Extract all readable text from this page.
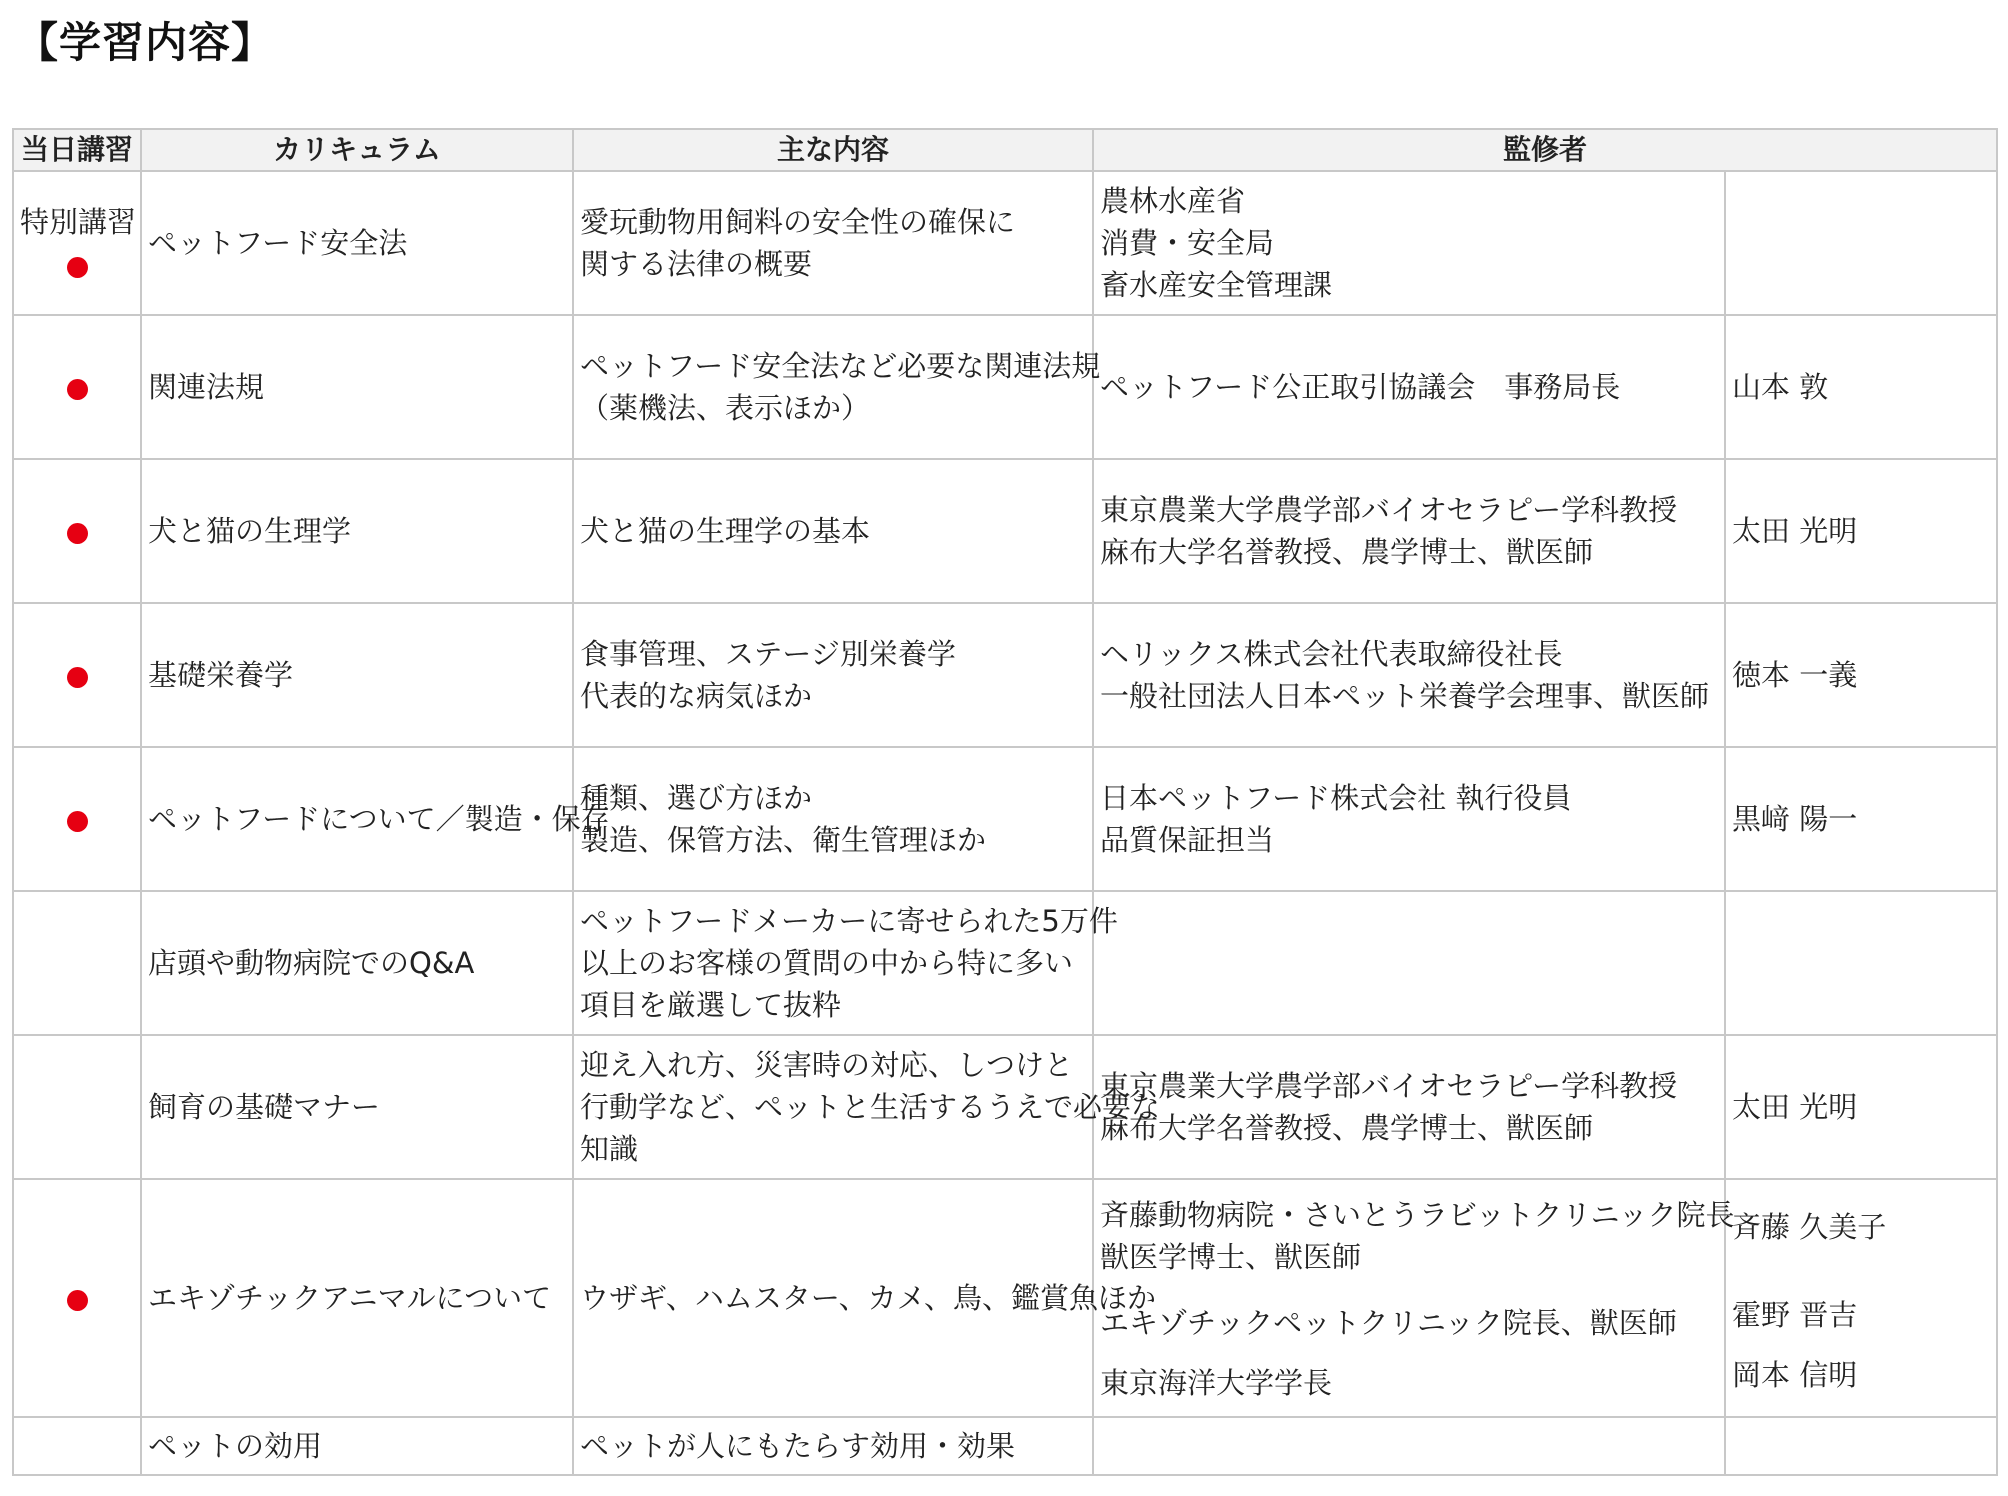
【学習内容】
当日講習	カリキュラム	主な内容	監修者	

特別講習	ペットフード安全法	愛玩動物用飼料の安全性の確保に
関する法律の概要	農林水産省
消費・安全局
畜水産安全管理課	

	関連法規	ペットフード安全法など必要な関連法規
（薬機法、表示ほか）	ペットフード公正取引協議会　事務局長	山本 敦

	犬と猫の生理学	犬と猫の生理学の基本	東京農業大学農学部バイオセラピー学科教授
麻布大学名誉教授、農学博士、獣医師	太田 光明

	基礎栄養学	食事管理、ステージ別栄養学
代表的な病気ほか	ヘリックス株式会社代表取締役社長
一般社団法人日本ペット栄養学会理事、獣医師	徳本 一義

	ペットフードについて／製造・保存	種類、選び方ほか
製造、保管方法、衛生管理ほか	日本ペットフード株式会社 執行役員
品質保証担当	黒﨑 陽一

	店頭や動物病院でのQ&A	ペットフードメーカーに寄せられた5万件
以上のお客様の質問の中から特に多い
項目を厳選して抜粋		

	飼育の基礎マナー	迎え入れ方、災害時の対応、しつけと
行動学など、ペットと生活するうえで必要な
知識	東京農業大学農学部バイオセラピー学科教授
麻布大学名誉教授、農学博士、獣医師	太田 光明

	エキゾチックアニマルについて	ウザギ、ハムスター、カメ、鳥、鑑賞魚ほか	斉藤動物病院・さいとうラビットクリニック院長
獣医学博士、獣医師
エキゾチックペットクリニック院長、獣医師
東京海洋大学学長	斉藤 久美子
霍野 晋吉
岡本 信明

	ペットの効用	ペットが人にもたらす効用・効果		
